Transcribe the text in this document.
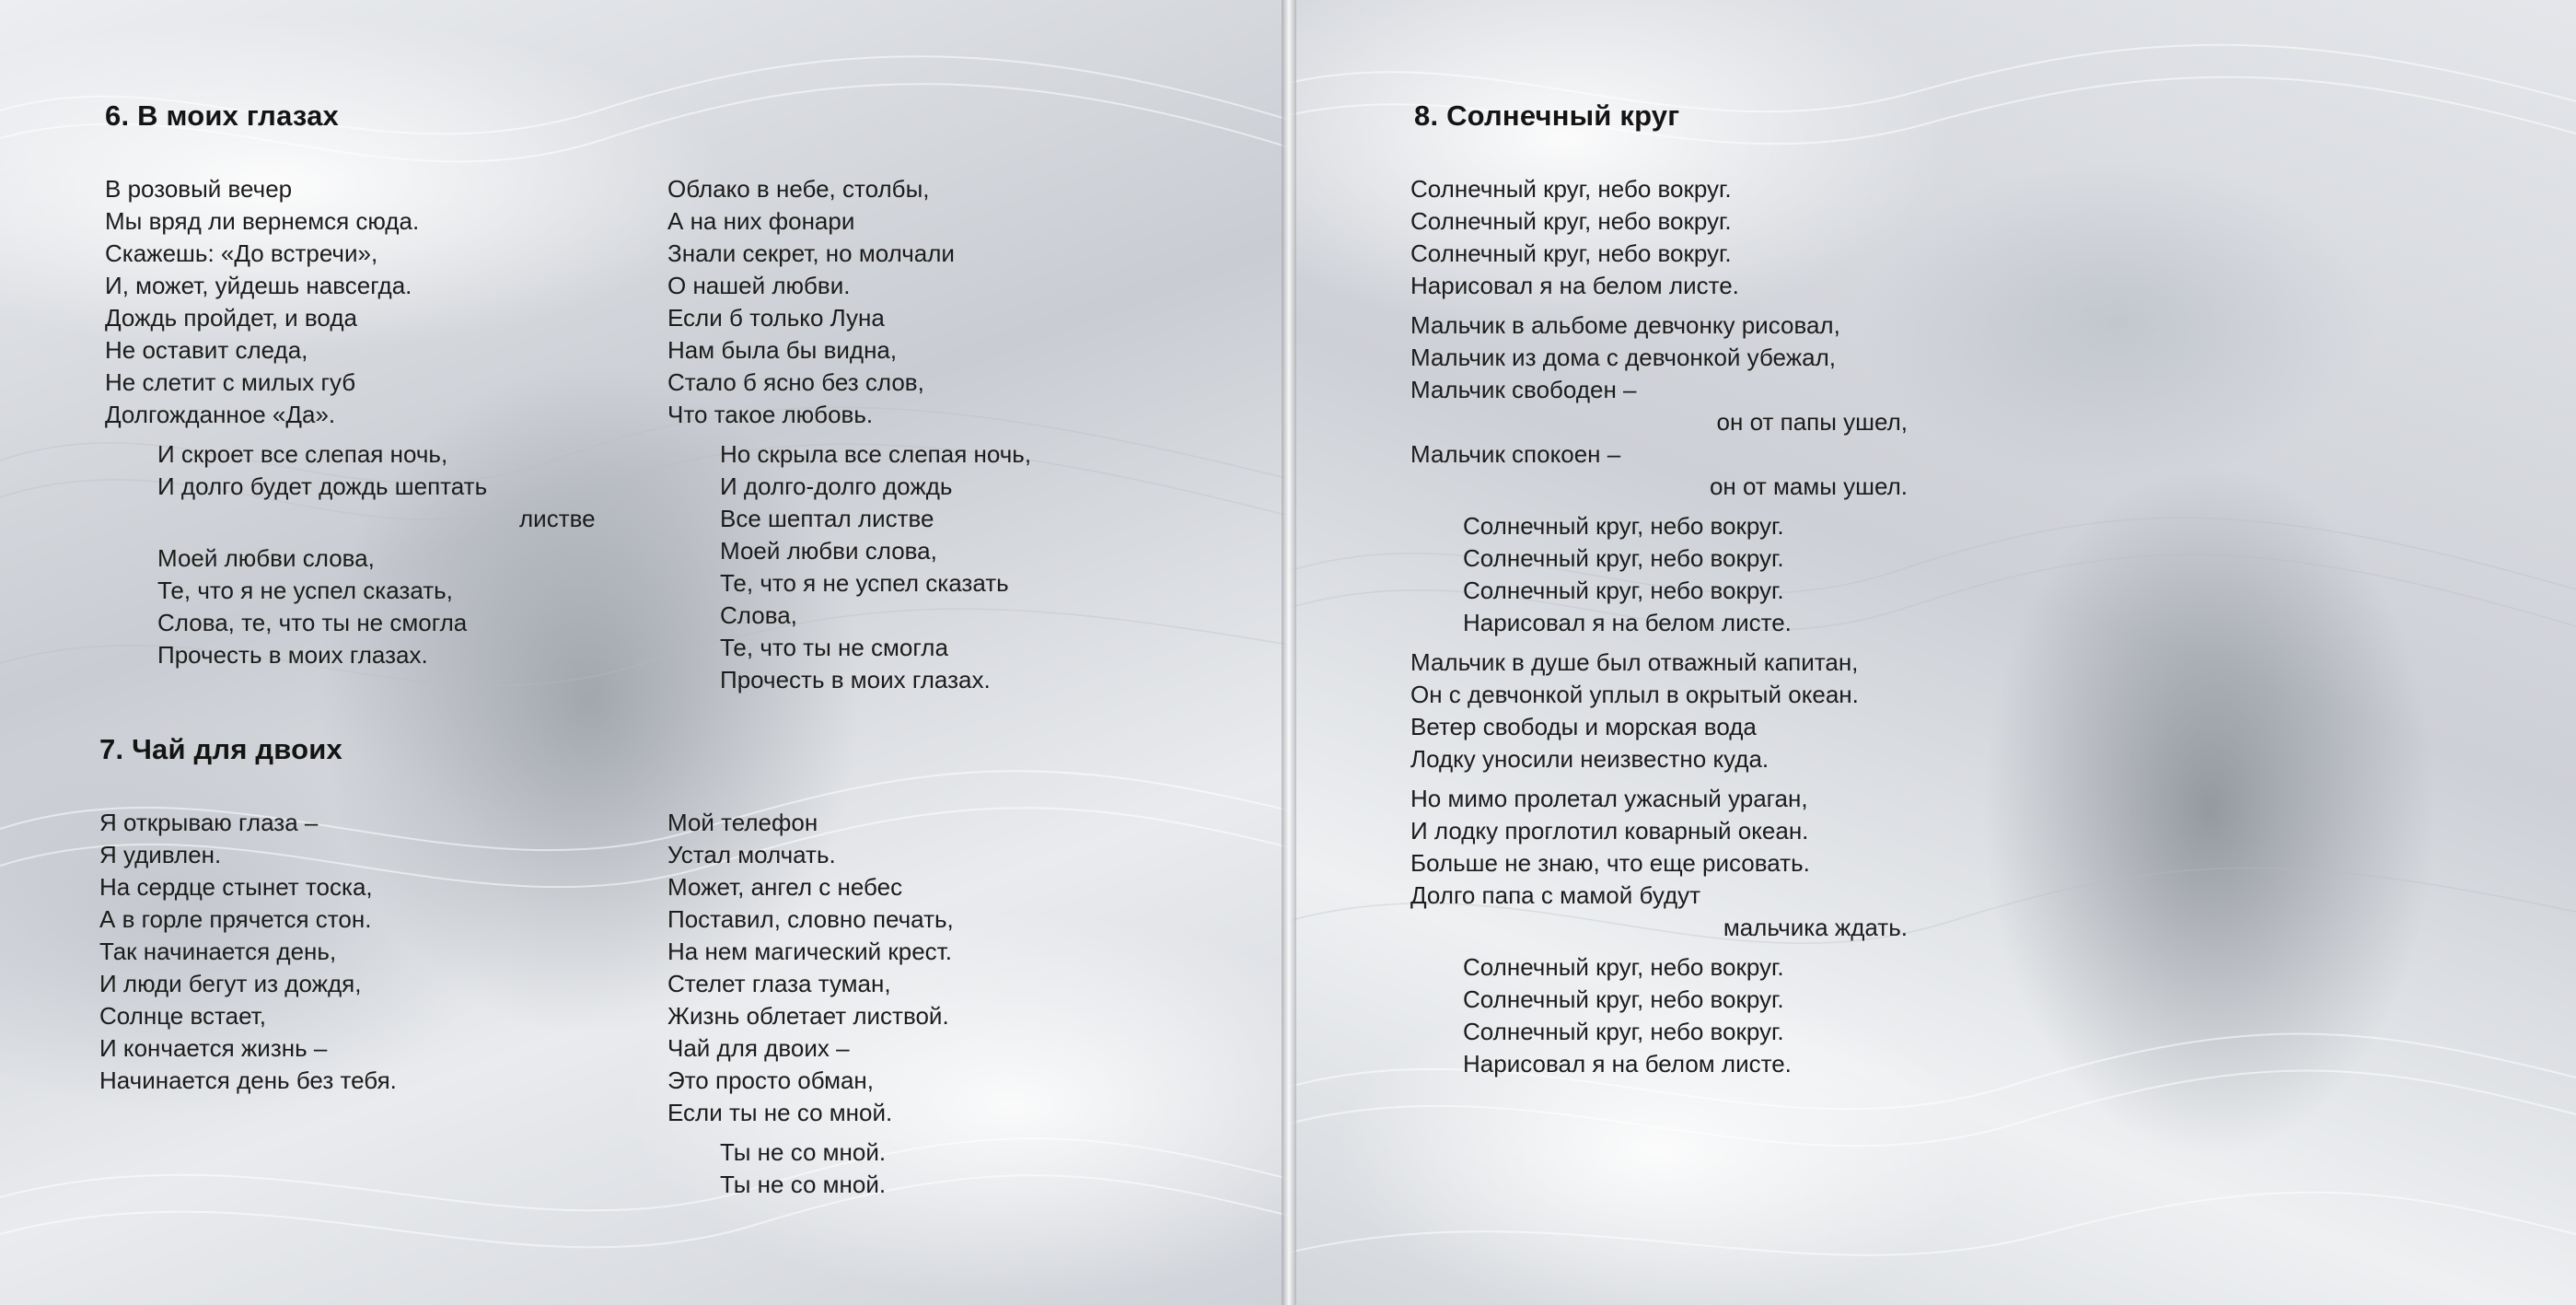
6. В моих глазах
В розовый вечер
Мы вряд ли вернемся сюда.
Скажешь: «До встречи»,
И, может, уйдешь навсегда.
Дождь пройдет, и вода
Не оставит следа,
Не слетит с милых губ
Долгожданное «Да».
И скроет все слепая ночь,
И долго будет дождь шептать
листве
Моей любви слова,
Те, что я не успел сказать,
Слова, те, что ты не смогла
Прочесть в моих глазах.
Облако в небе, столбы,
А на них фонари
Знали секрет, но молчали
О нашей любви.
Если б только Луна
Нам была бы видна,
Стало б ясно без слов,
Что такое любовь.
Но скрыла все слепая ночь,
И долго-долго дождь
Все шептал листве
Моей любви слова,
Те, что я не успел сказать
Слова,
Те, что ты не смогла
Прочесть в моих глазах.
7. Чай для двоих
Я открываю глаза –
Я удивлен.
На сердце стынет тоска,
А в горле прячется стон.
Так начинается день,
И люди бегут из дождя,
Солнце встает,
И кончается жизнь –
Начинается день без тебя.
Мой телефон
Устал молчать.
Может, ангел с небес
Поставил, словно печать,
На нем магический крест.
Стелет глаза туман,
Жизнь облетает листвой.
Чай для двоих –
Это просто обман,
Если ты не со мной.
Ты не со мной.
Ты не со мной.
8. Солнечный круг
Солнечный круг, небо вокруг.
Солнечный круг, небо вокруг.
Солнечный круг, небо вокруг.
Нарисовал я на белом листе.
Мальчик в альбоме девчонку рисовал,
Мальчик из дома с девчонкой убежал,
Мальчик свободен –
он от папы ушел,
Мальчик спокоен –
он от мамы ушел.
Солнечный круг, небо вокруг.
Солнечный круг, небо вокруг.
Солнечный круг, небо вокруг.
Нарисовал я на белом листе.
Мальчик в душе был отважный капитан,
Он с девчонкой уплыл в окрытый океан.
Ветер свободы и морская вода
Лодку уносили неизвестно куда.
Но мимо пролетал ужасный ураган,
И лодку проглотил коварный океан.
Больше не знаю, что еще рисовать.
Долго папа с мамой будут
мальчика ждать.
Солнечный круг, небо вокруг.
Солнечный круг, небо вокруг.
Солнечный круг, небо вокруг.
Нарисовал я на белом листе.
